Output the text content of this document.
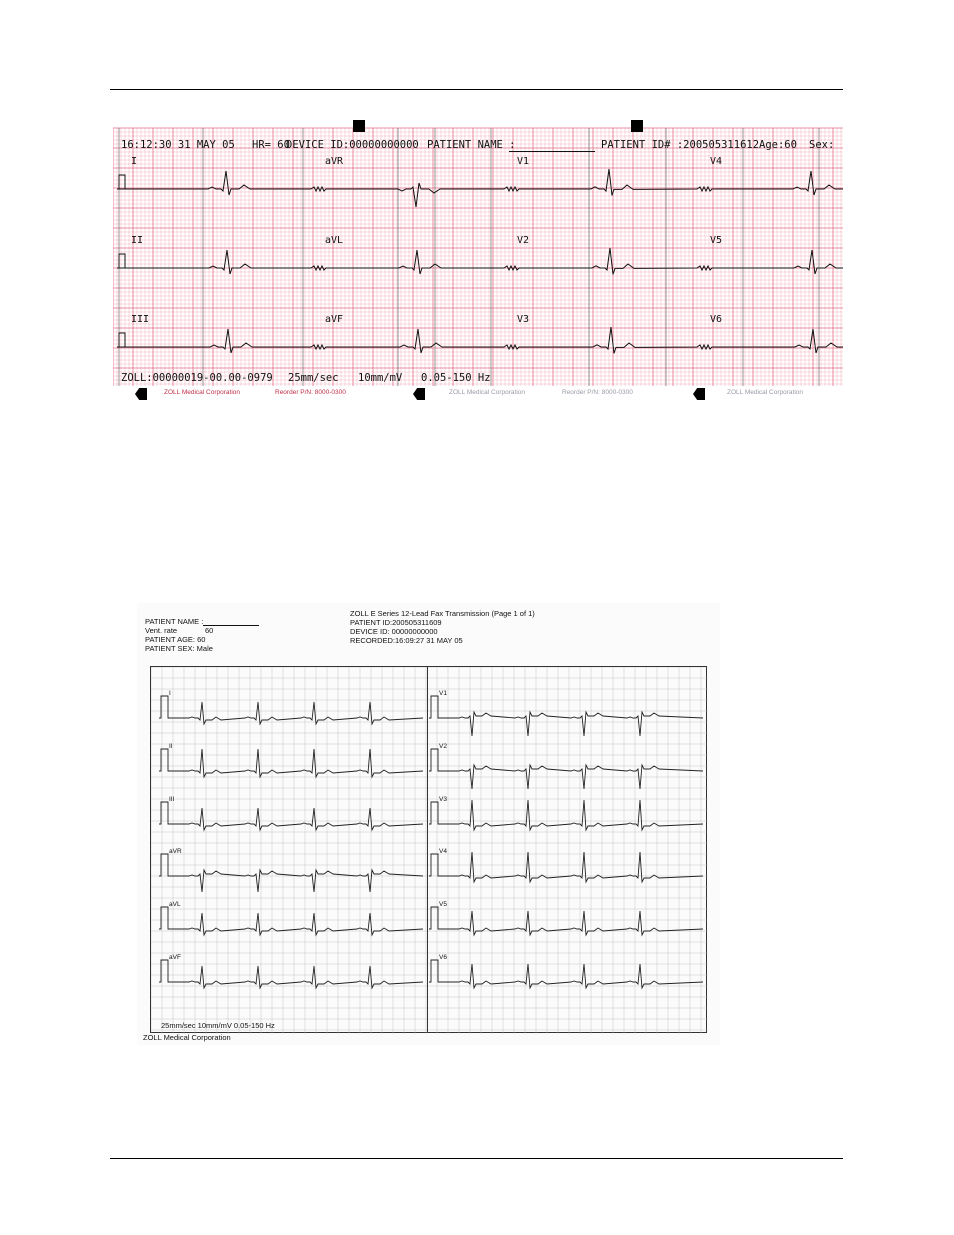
16:12:30 31 MAY 05 HR= 60
DEVICE ID:00000000000 PATIENT NAME :	PATIENT ID# :200505311612 Age:60 Sex:
I	aVR	V1	V4
II	aVL	V2	V5
III	aVF	V3	V6
ZOLL:00000019-00.00-0979 25mm/sec 10mm/mV 0.05-150 Hz
ZOLL Medical Corporation	Reorder P/N: 8000-0300	ZOLL Medical Corporation	Reorder P/N: 8000-0300	ZOLL Medical Corporation
PATIENT NAME :
Vent. rate	60
PATIENT AGE: 60
PATIENT SEX: Male
ZOLL E Series 12-Lead Fax Transmission (Page 1 of 1)
PATIENT ID:200505311609
DEVICE ID: 00000000000
RECORDED:16:09:27 31 MAY 05
I
II
III
aVR
aVL
aVF
V1
V2
V3
V4
V5
V6
25mm/sec 10mm/mV 0.05-150 Hz
ZOLL Medical Corporation
